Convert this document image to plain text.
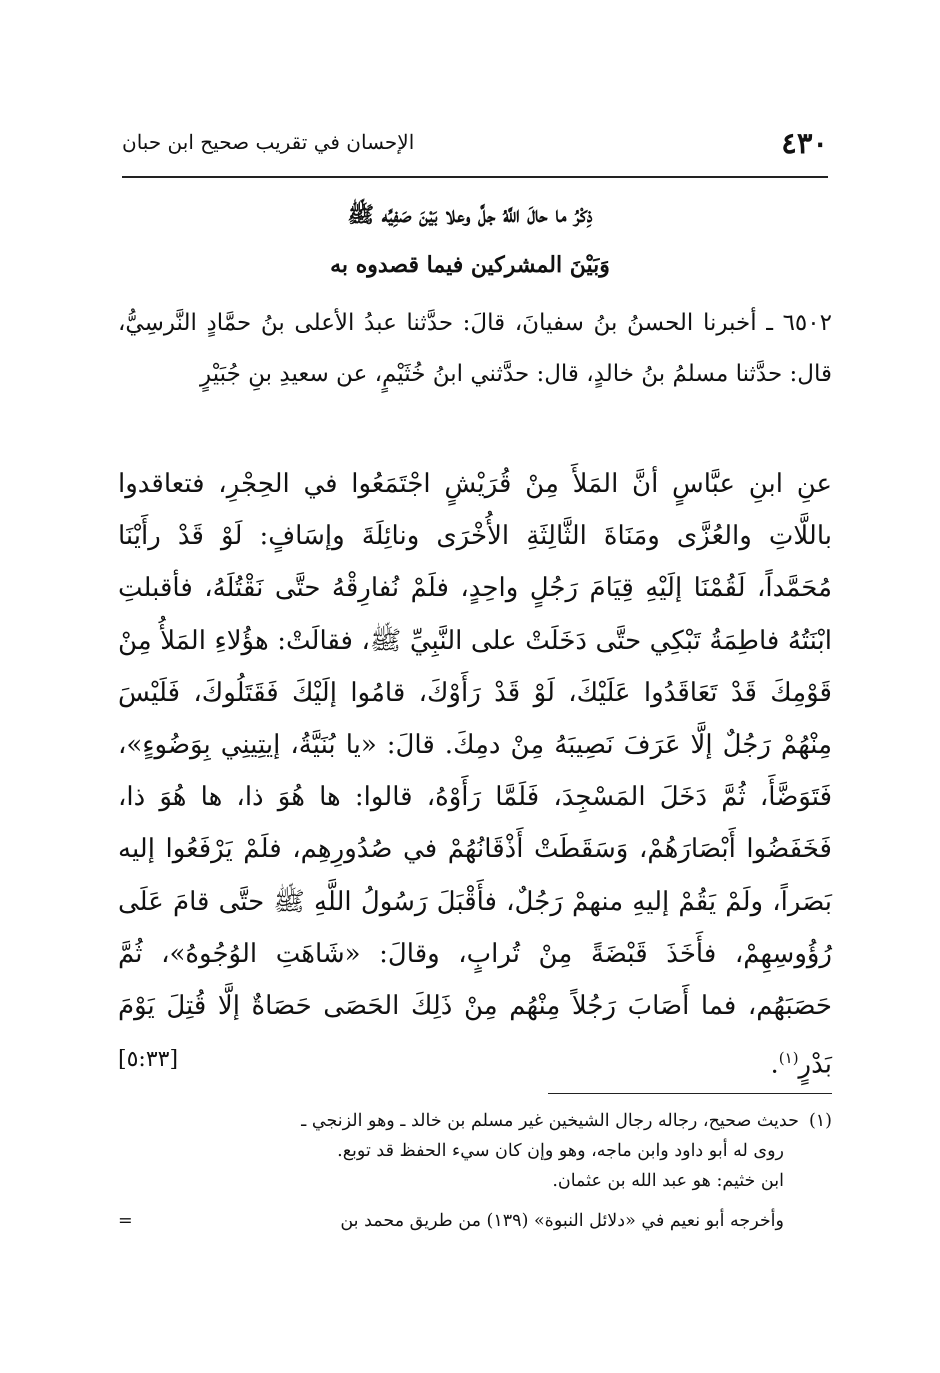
٤٣٠
الإحسان في تقريب صحيح ابن حبان
ذِكْرُ ما حالَ اللَّهُ جلَّ وعلا بَيْنَ صَفِيِّه ﷺ
وَبَيْنَ المشركين فيما قصدوه به
٦٥٠٢ ـ أخبرنا الحسنُ بنُ سفيانَ، قالَ: حدَّثنا عبدُ الأعلى بنُ حمَّادٍ النَّرسِيُّ، قال: حدَّثنا مسلمُ بنُ خالدٍ، قال: حدَّثني ابنُ خُثَيْمٍ، عن سعيدِ بنِ جُبَيْرٍ
عنِ ابنِ عبَّاسٍ أنَّ المَلأَ مِنْ قُرَيْشٍ اجْتَمَعُوا في الحِجْرِ، فتعاقدوا باللَّاتِ والعُزَّى ومَنَاةَ الثَّالِثَةِ الأُخْرَى ونائِلَةَ وإسَافٍ: لَوْ قَدْ رأَيْنَا مُحَمَّداً، لَقُمْنَا إلَيْهِ قِيَامَ رَجُلٍ واحِدٍ، فلَمْ نُفارِقْهُ حتَّى نَقْتُلَهُ، فأقبلتِ ابْنَتُهُ فاطِمَةُ تَبْكِي حتَّى دَخَلَتْ على النَّبِيِّ ﷺ، فقالَتْ: هؤُلاءِ المَلأُ مِنْ قَوْمِكَ قَدْ تَعَاقَدُوا عَلَيْكَ، لَوْ قَدْ رَأَوْكَ، قامُوا إلَيْكَ فَقَتَلُوكَ، فَلَيْسَ مِنْهُمْ رَجُلٌ إلَّا عَرَفَ نَصِيبَهُ مِنْ دمِكَ. قالَ: «يا بُنَيَّةُ، إيتِينِي بِوَضُوءٍ»، فَتَوَضَّأَ، ثُمَّ دَخَلَ المَسْجِدَ، فَلَمَّا رَأَوْهُ، قالوا: ها هُوَ ذا، ها هُوَ ذا، فَخَفَضُوا أَبْصَارَهُمْ، وَسَقَطَتْ أَذْقَانُهُمْ في صُدُورِهِم، فلَمْ يَرْفَعُوا إليه بَصَراً، ولَمْ يَقُمْ إليهِ منهمْ رَجُلٌ، فأَقْبَلَ رَسُولُ اللَّهِ ﷺ حتَّى قامَ عَلَى رُؤُوسِهِمْ، فأَخَذَ قَبْضَةً مِنْ تُرابٍ، وقالَ: «شَاهَتِ الوُجُوهُ»، ثُمَّ حَصَبَهُم، فما أَصَابَ رَجُلاً مِنْهُم مِنْ ذَلِكَ الحَصَى حَصَاةٌ إلَّا قُتِلَ يَوْمَ بَدْرٍ$^{(١)}$.
[٥:٣٣]
(١)حديث صحيح، رجاله رجال الشيخين غير مسلم بن خالد ـ وهو الزنجي ـ
روى له أبو داود وابن ماجه، وهو وإن كان سيء الحفظ قد توبع.
ابن خثيم: هو عبد الله بن عثمان.
وأخرجه أبو نعيم في «دلائل النبوة» (١٣٩) من طريق محمد بن
=
